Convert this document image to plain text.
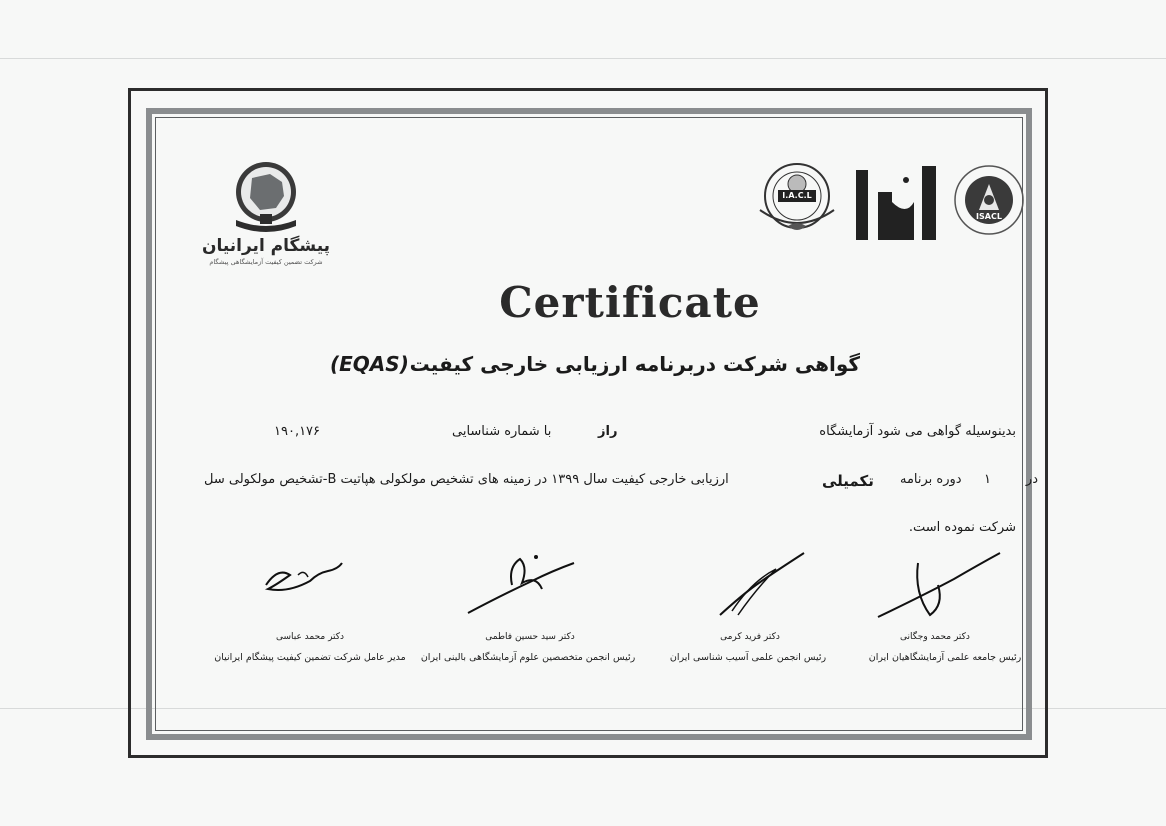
پیشگام ایرانیان
شرکت تضمین کیفیت آزمایشگاهی پیشگام
I.A.C.L
ISACL
Certificate
گواهی شرکت دربرنامه ارزیابی خارجی کیفیت
(EQAS)
بدینوسیله گواهی می شود آزمایشگاه
راز
با شماره شناسایی
۱۹۰,۱۷۶
در
۱
دوره برنامه
تکمیلی
ارزیابی خارجی کیفیت سال ۱۳۹۹ در زمینه های تشخیص مولکولی هپاتیت B-تشخیص مولکولی سل
شرکت نموده است.
دکتر محمد عباسی
مدیر عامل شرکت تضمین کیفیت پیشگام ایرانیان
دکتر سید حسین فاطمی
رئیس انجمن متخصصین علوم آزمایشگاهی بالینی ایران
دکتر فرید کرمی
رئیس انجمن علمی آسیب شناسی ایران
دکتر محمد وجگانی
رئیس جامعه علمی آزمایشگاهیان ایران
